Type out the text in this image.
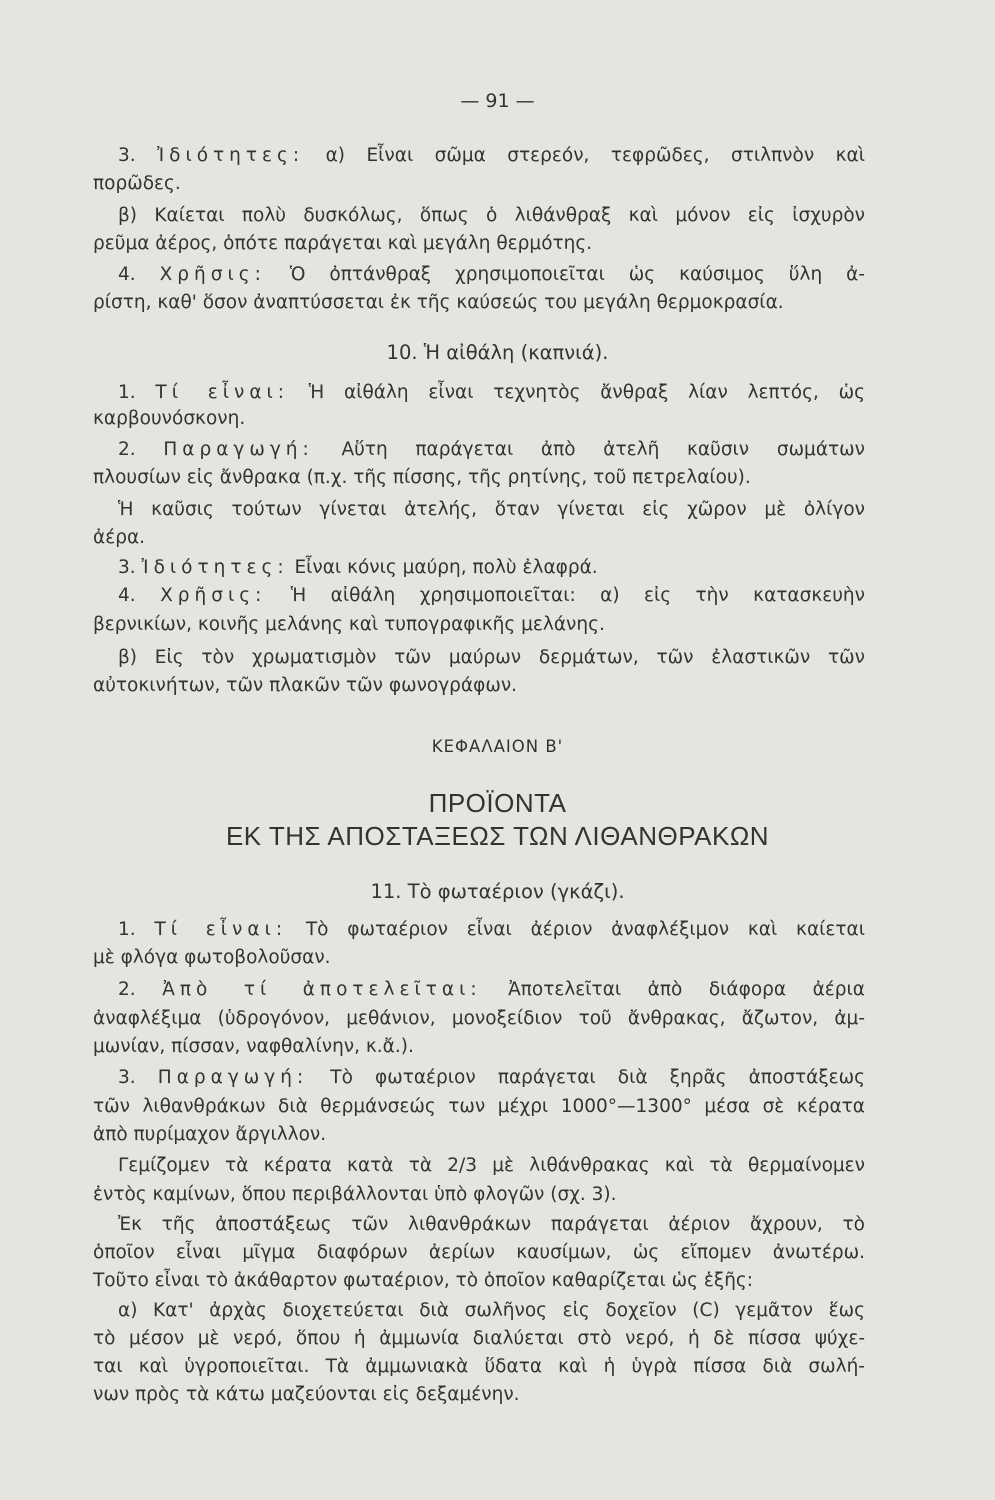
— 91 —
3. Ἰδιότητες: α) Εἶναι σῶμα στερεόν, τεφρῶδες, στιλπνὸν καὶ
πορῶδες.
β) Καίεται πολὺ δυσκόλως, ὅπως ὁ λιθάνθραξ καὶ μόνον εἰς ἰσχυρὸν
ρεῦμα ἀέρος, ὁπότε παράγεται καὶ μεγάλη θερμότης.
4. Χρῆσις: Ὁ ὀπτάνθραξ χρησιμοποιεῖται ὡς καύσιμος ὕλη ἀ-
ρίστη, καθ' ὅσον ἀναπτύσσεται ἐκ τῆς καύσεώς του μεγάλη θερμοκρασία.
10. Ἡ αἰθάλη (καπνιά).
1. Τί εἶναι: Ἡ αἰθάλη εἶναι τεχνητὸς ἄνθραξ λίαν λεπτός, ὡς
καρβουνόσκονη.
2. Παραγωγή: Αὕτη παράγεται ἀπὸ ἀτελῆ καῦσιν σωμάτων
πλουσίων εἰς ἄνθρακα (π.χ. τῆς πίσσης, τῆς ρητίνης, τοῦ πετρελαίου).
Ἡ καῦσις τούτων γίνεται ἀτελής, ὅταν γίνεται εἰς χῶρον μὲ ὀλίγον
ἀέρα.
3. Ἰδιότητες: Εἶναι κόνις μαύρη, πολὺ ἐλαφρά.
4. Χρῆσις: Ἡ αἰθάλη χρησιμοποιεῖται: α) εἰς τὴν κατασκευὴν
βερνικίων, κοινῆς μελάνης καὶ τυπογραφικῆς μελάνης.
β) Εἰς τὸν χρωματισμὸν τῶν μαύρων δερμάτων, τῶν ἐλαστικῶν τῶν
αὐτοκινήτων, τῶν πλακῶν τῶν φωνογράφων.
ΚΕΦΑΛΑΙΟΝ Β'
ΠΡΟΪΟΝΤΑ
ΕΚ ΤΗΣ ΑΠΟΣΤΑΞΕΩΣ ΤΩΝ ΛΙΘΑΝΘΡΑΚΩΝ
11. Τὸ φωταέριον (γκάζι).
1. Τί εἶναι: Τὸ φωταέριον εἶναι ἀέριον ἀναφλέξιμον καὶ καίεται
μὲ φλόγα φωτοβολοῦσαν.
2. Ἀπὸ τί ἀποτελεῖται: Ἀποτελεῖται ἀπὸ διάφορα ἀέρια
ἀναφλέξιμα (ὑδρογόνον, μεθάνιον, μονοξείδιον τοῦ ἄνθρακας, ἄζωτον, ἀμ-
μωνίαν, πίσσαν, ναφθαλίνην, κ.ἄ.).
3. Παραγωγή: Τὸ φωταέριον παράγεται διὰ ξηρᾶς ἀποστάξεως
τῶν λιθανθράκων διὰ θερμάνσεώς των μέχρι 1000°—1300° μέσα σὲ κέρατα
ἀπὸ πυρίμαχον ἄργιλλον.
Γεμίζομεν τὰ κέρατα κατὰ τὰ 2/3 μὲ λιθάνθρακας καὶ τὰ θερμαίνομεν
ἐντὸς καμίνων, ὅπου περιβάλλονται ὑπὸ φλογῶν (σχ. 3).
Ἐκ τῆς ἀποστάξεως τῶν λιθανθράκων παράγεται ἀέριον ἄχρουν, τὸ
ὁποῖον εἶναι μῖγμα διαφόρων ἀερίων καυσίμων, ὡς εἴπομεν ἀνωτέρω.
Τοῦτο εἶναι τὸ ἀκάθαρτον φωταέριον, τὸ ὁποῖον καθαρίζεται ὡς ἑξῆς:
α) Κατ' ἀρχὰς διοχετεύεται διὰ σωλῆνος εἰς δοχεῖον (C) γεμᾶτον ἕως
τὸ μέσον μὲ νερό, ὅπου ἡ ἀμμωνία διαλύεται στὸ νερό, ἡ δὲ πίσσα ψύχε-
ται καὶ ὑγροποιεῖται. Τὰ ἀμμωνιακὰ ὕδατα καὶ ἡ ὑγρὰ πίσσα διὰ σωλή-
νων πρὸς τὰ κάτω μαζεύονται εἰς δεξαμένην.
